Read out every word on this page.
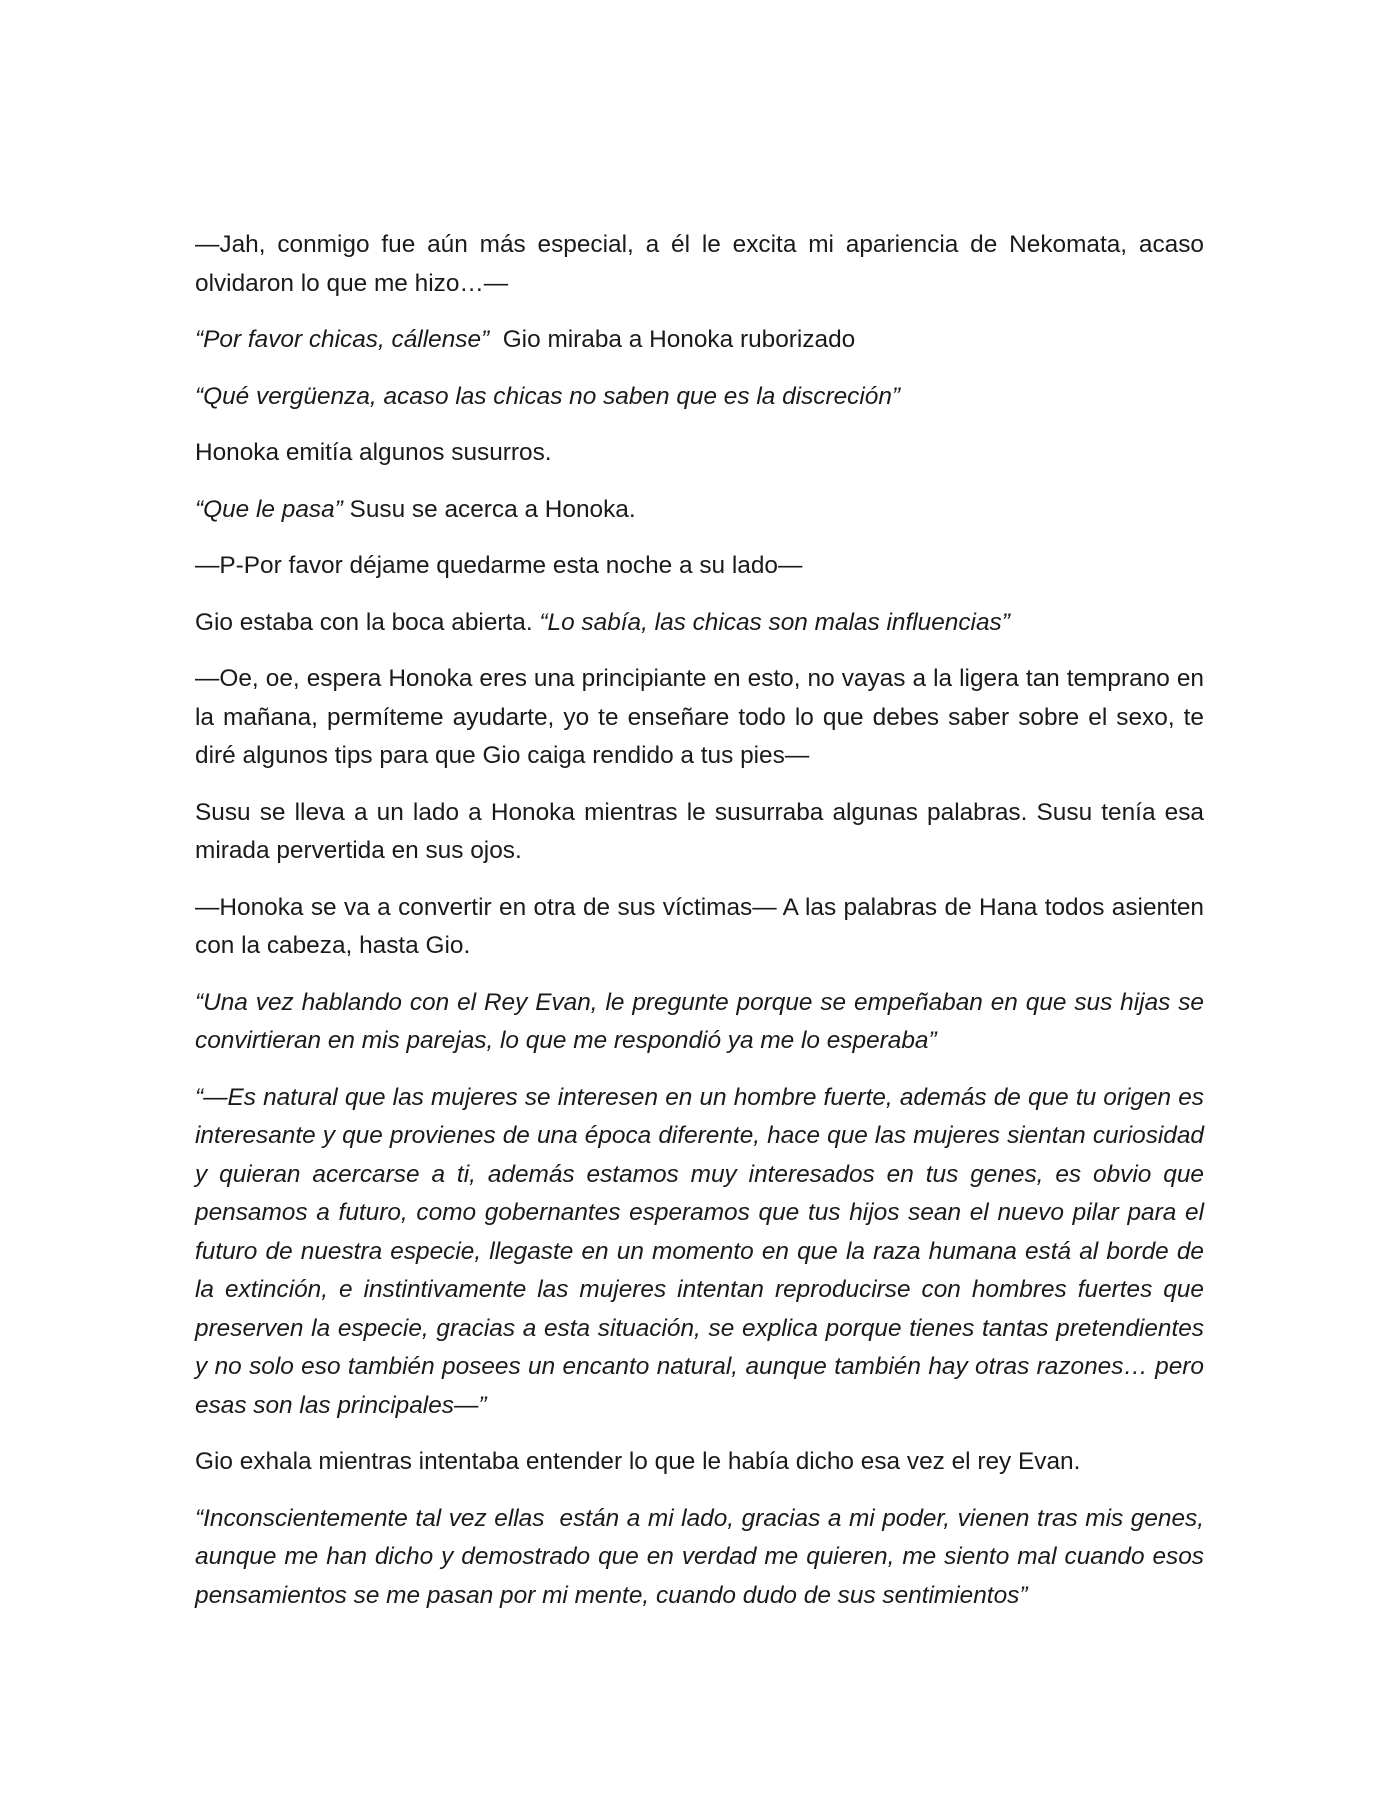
—Jah, conmigo fue aún más especial, a él le excita mi apariencia de Nekomata, acaso olvidaron lo que me hizo…—

“Por favor chicas, cállense”  Gio miraba a Honoka ruborizado

“Qué vergüenza, acaso las chicas no saben que es la discreción”

Honoka emitía algunos susurros.

“Que le pasa” Susu se acerca a Honoka.

—P-Por favor déjame quedarme esta noche a su lado—

Gio estaba con la boca abierta. “Lo sabía, las chicas son malas influencias”

—Oe, oe, espera Honoka eres una principiante en esto, no vayas a la ligera tan temprano en la mañana, permíteme ayudarte, yo te enseñare todo lo que debes saber sobre el sexo, te diré algunos tips para que Gio caiga rendido a tus pies—

Susu se lleva a un lado a Honoka mientras le susurraba algunas palabras. Susu tenía esa mirada pervertida en sus ojos.

—Honoka se va a convertir en otra de sus víctimas— A las palabras de Hana todos asienten con la cabeza, hasta Gio.

“Una vez hablando con el Rey Evan, le pregunte porque se empeñaban en que sus hijas se convirtieran en mis parejas, lo que me respondió ya me lo esperaba”

“—Es natural que las mujeres se interesen en un hombre fuerte, además de que tu origen es interesante y que provienes de una época diferente, hace que las mujeres sientan curiosidad y quieran acercarse a ti, además estamos muy interesados en tus genes, es obvio que pensamos a futuro, como gobernantes esperamos que tus hijos sean el nuevo pilar para el futuro de nuestra especie, llegaste en un momento en que la raza humana está al borde de la extinción, e instintivamente las mujeres intentan reproducirse con hombres fuertes que preserven la especie, gracias a esta situación, se explica porque tienes tantas pretendientes y no solo eso también posees un encanto natural, aunque también hay otras razones… pero esas son las principales—”

Gio exhala mientras intentaba entender lo que le había dicho esa vez el rey Evan.

“Inconscientemente tal vez ellas  están a mi lado, gracias a mi poder, vienen tras mis genes, aunque me han dicho y demostrado que en verdad me quieren, me siento mal cuando esos pensamientos se me pasan por mi mente, cuando dudo de sus sentimientos”
